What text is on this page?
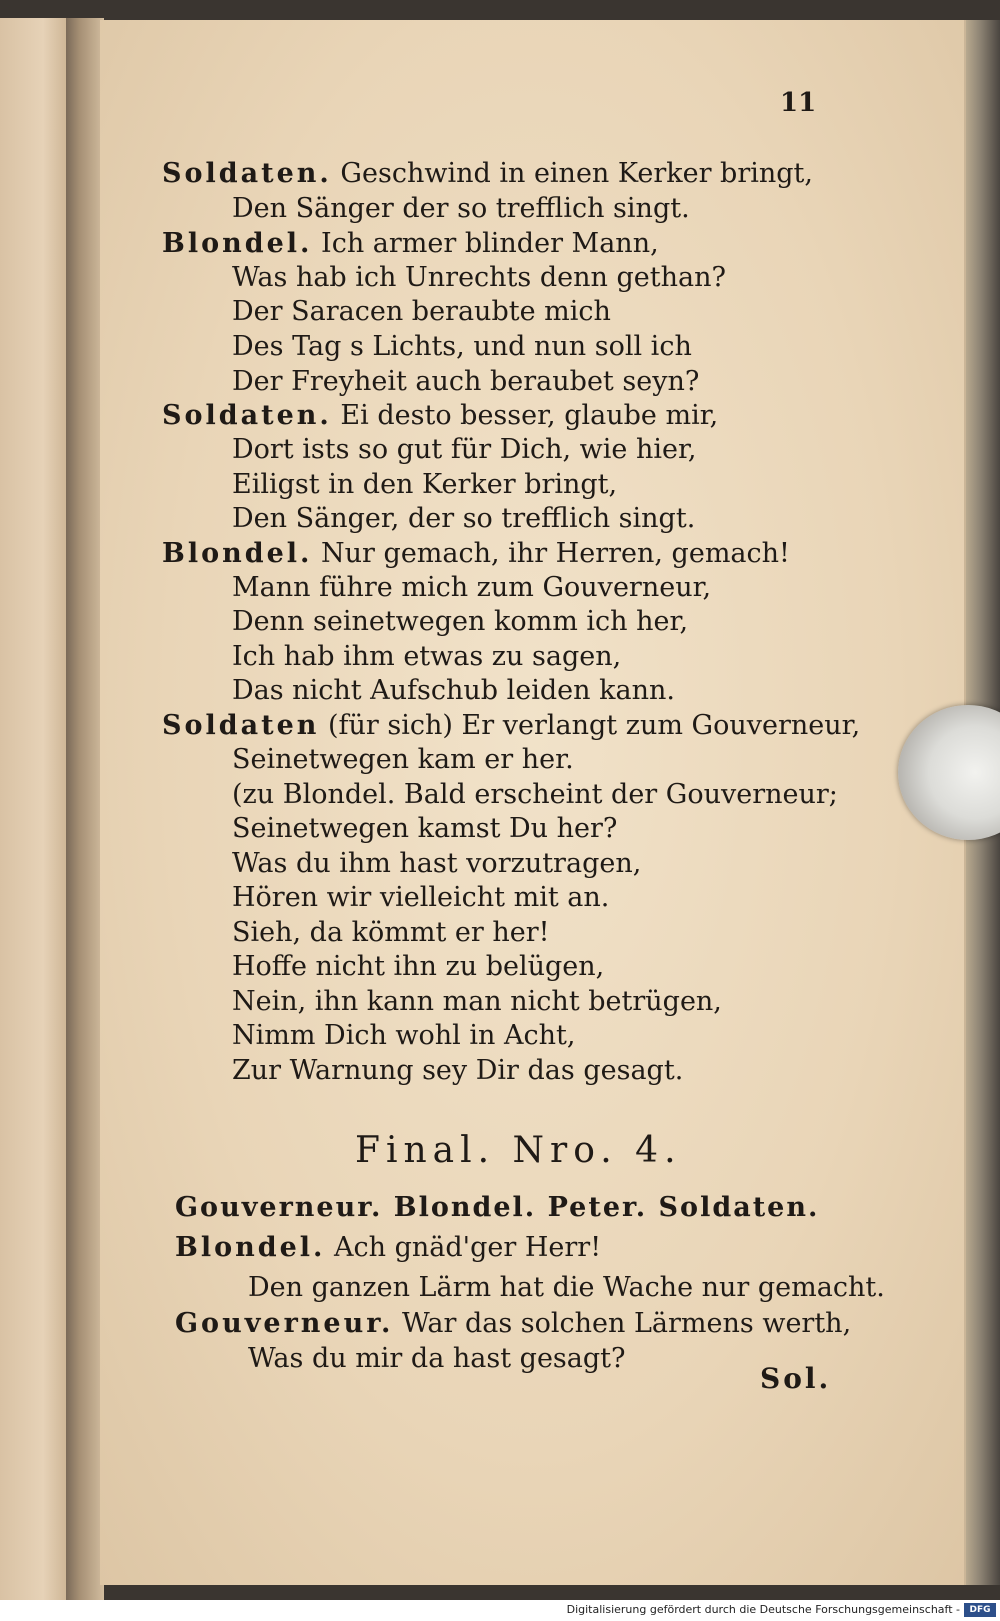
11
Soldaten. Geschwind in einen Kerker bringt,
Den Sänger der so trefflich singt.
Blondel. Ich armer blinder Mann,
Was hab ich Unrechts denn gethan?
Der Saracen beraubte mich
Des Tag s Lichts, und nun soll ich
Der Freyheit auch beraubet seyn?
Soldaten. Ei desto besser, glaube mir,
Dort ists so gut für Dich, wie hier,
Eiligst in den Kerker bringt,
Den Sänger, der so trefflich singt.
Blondel. Nur gemach, ihr Herren, gemach!
Mann führe mich zum Gouverneur,
Denn seinetwegen komm ich her,
Ich hab ihm etwas zu sagen,
Das nicht Aufschub leiden kann.
Soldaten (für sich) Er verlangt zum Gouverneur,
Seinetwegen kam er her.
(zu Blondel. Bald erscheint der Gouverneur;
Seinetwegen kamst Du her?
Was du ihm hast vorzutragen,
Hören wir vielleicht mit an.
Sieh, da kömmt er her!
Hoffe nicht ihn zu belügen,
Nein, ihn kann man nicht betrügen,
Nimm Dich wohl in Acht,
Zur Warnung sey Dir das gesagt.
Final. Nro. 4.
Gouverneur. Blondel. Peter. Soldaten.
Blondel. Ach gnäd'ger Herr!
Den ganzen Lärm hat die Wache nur gemacht.
Gouverneur. War das solchen Lärmens werth,
Was du mir da hast gesagt?
Sol.
Digitalisierung gefördert durch die Deutsche Forschungsgemeinschaft -	DFG
